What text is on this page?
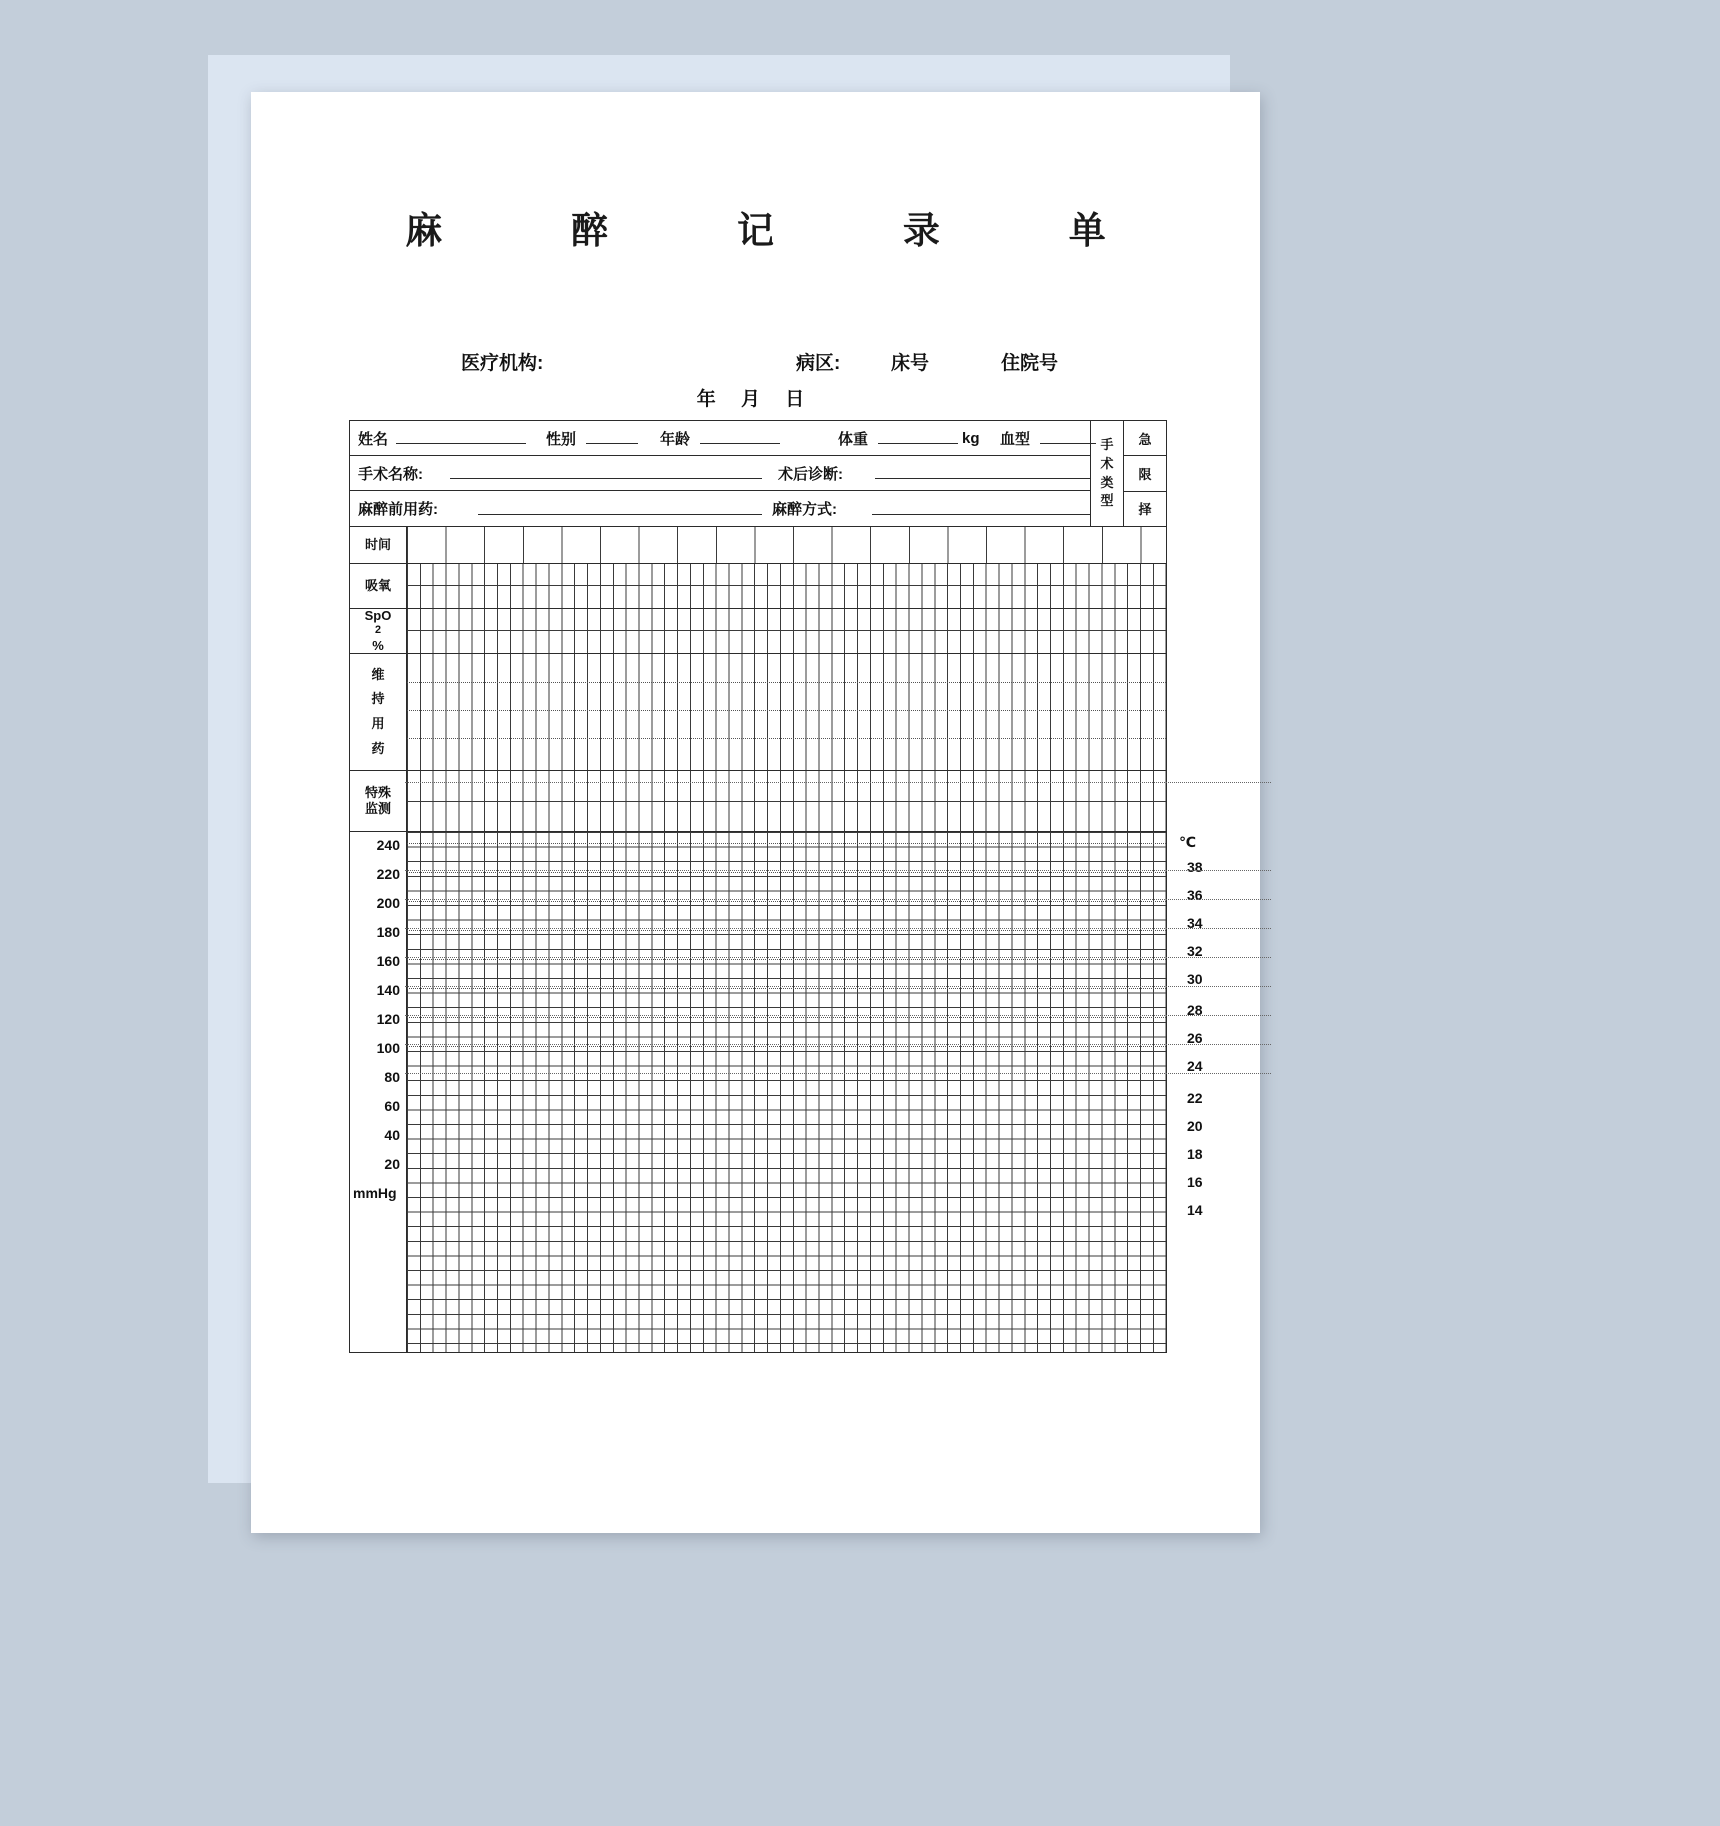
麻 醉 记 录 单
医疗机构:	病区:	床号	住院号
年 月 日
姓名	性别	年龄	体重	kg 血型
手术名称:	术后诊断:
麻醉前用药:	麻醉方式:
手
术
类
型
急
限
择
时间
吸氧
SpO
2
%
维
持
用
药
特殊
监测
240
220
200
180
160
140
120
100
80
60
40
20
mmHg
℃
38
36
34
32
30
28
26
24
22
20
18
16
14
